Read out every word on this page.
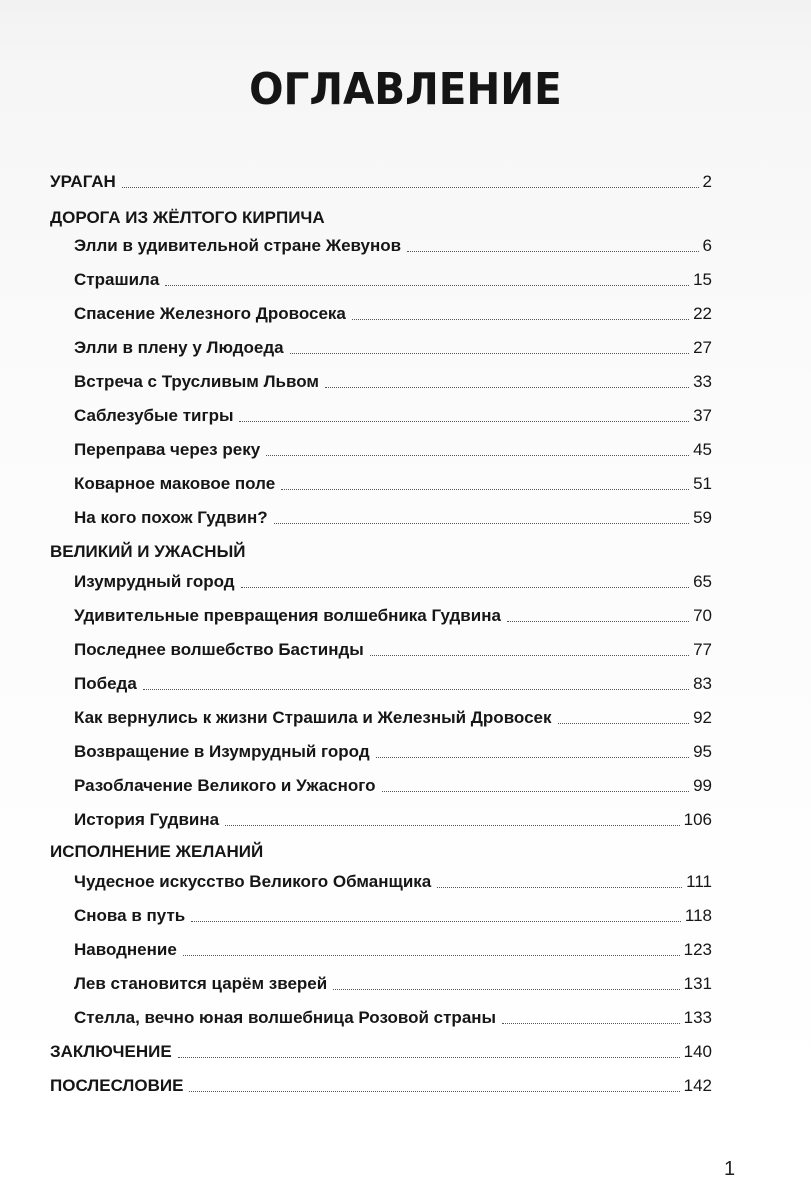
ОГЛАВЛЕНИЕ
УРАГАН	2
ДОРОГА ИЗ ЖЁЛТОГО КИРПИЧА
Элли в удивительной стране Жевунов	6
Страшила	15
Спасение Железного Дровосека	22
Элли в плену у Людоеда	27
Встреча с Трусливым Львом	33
Саблезубые тигры	37
Переправа через реку	45
Коварное маковое поле	51
На кого похож Гудвин?	59
ВЕЛИКИЙ И УЖАСНЫЙ
Изумрудный город	65
Удивительные превращения волшебника Гудвина	70
Последнее волшебство Бастинды	77
Победа	83
Как вернулись к жизни Страшила и Железный Дровосек	92
Возвращение в Изумрудный город	95
Разоблачение Великого и Ужасного	99
История Гудвина	106
ИСПОЛНЕНИЕ ЖЕЛАНИЙ
Чудесное искусство Великого Обманщика	111
Снова в путь	118
Наводнение	123
Лев становится царём зверей	131
Стелла, вечно юная волшебница Розовой страны	133
ЗАКЛЮЧЕНИЕ	140
ПОСЛЕСЛОВИЕ	142
1
